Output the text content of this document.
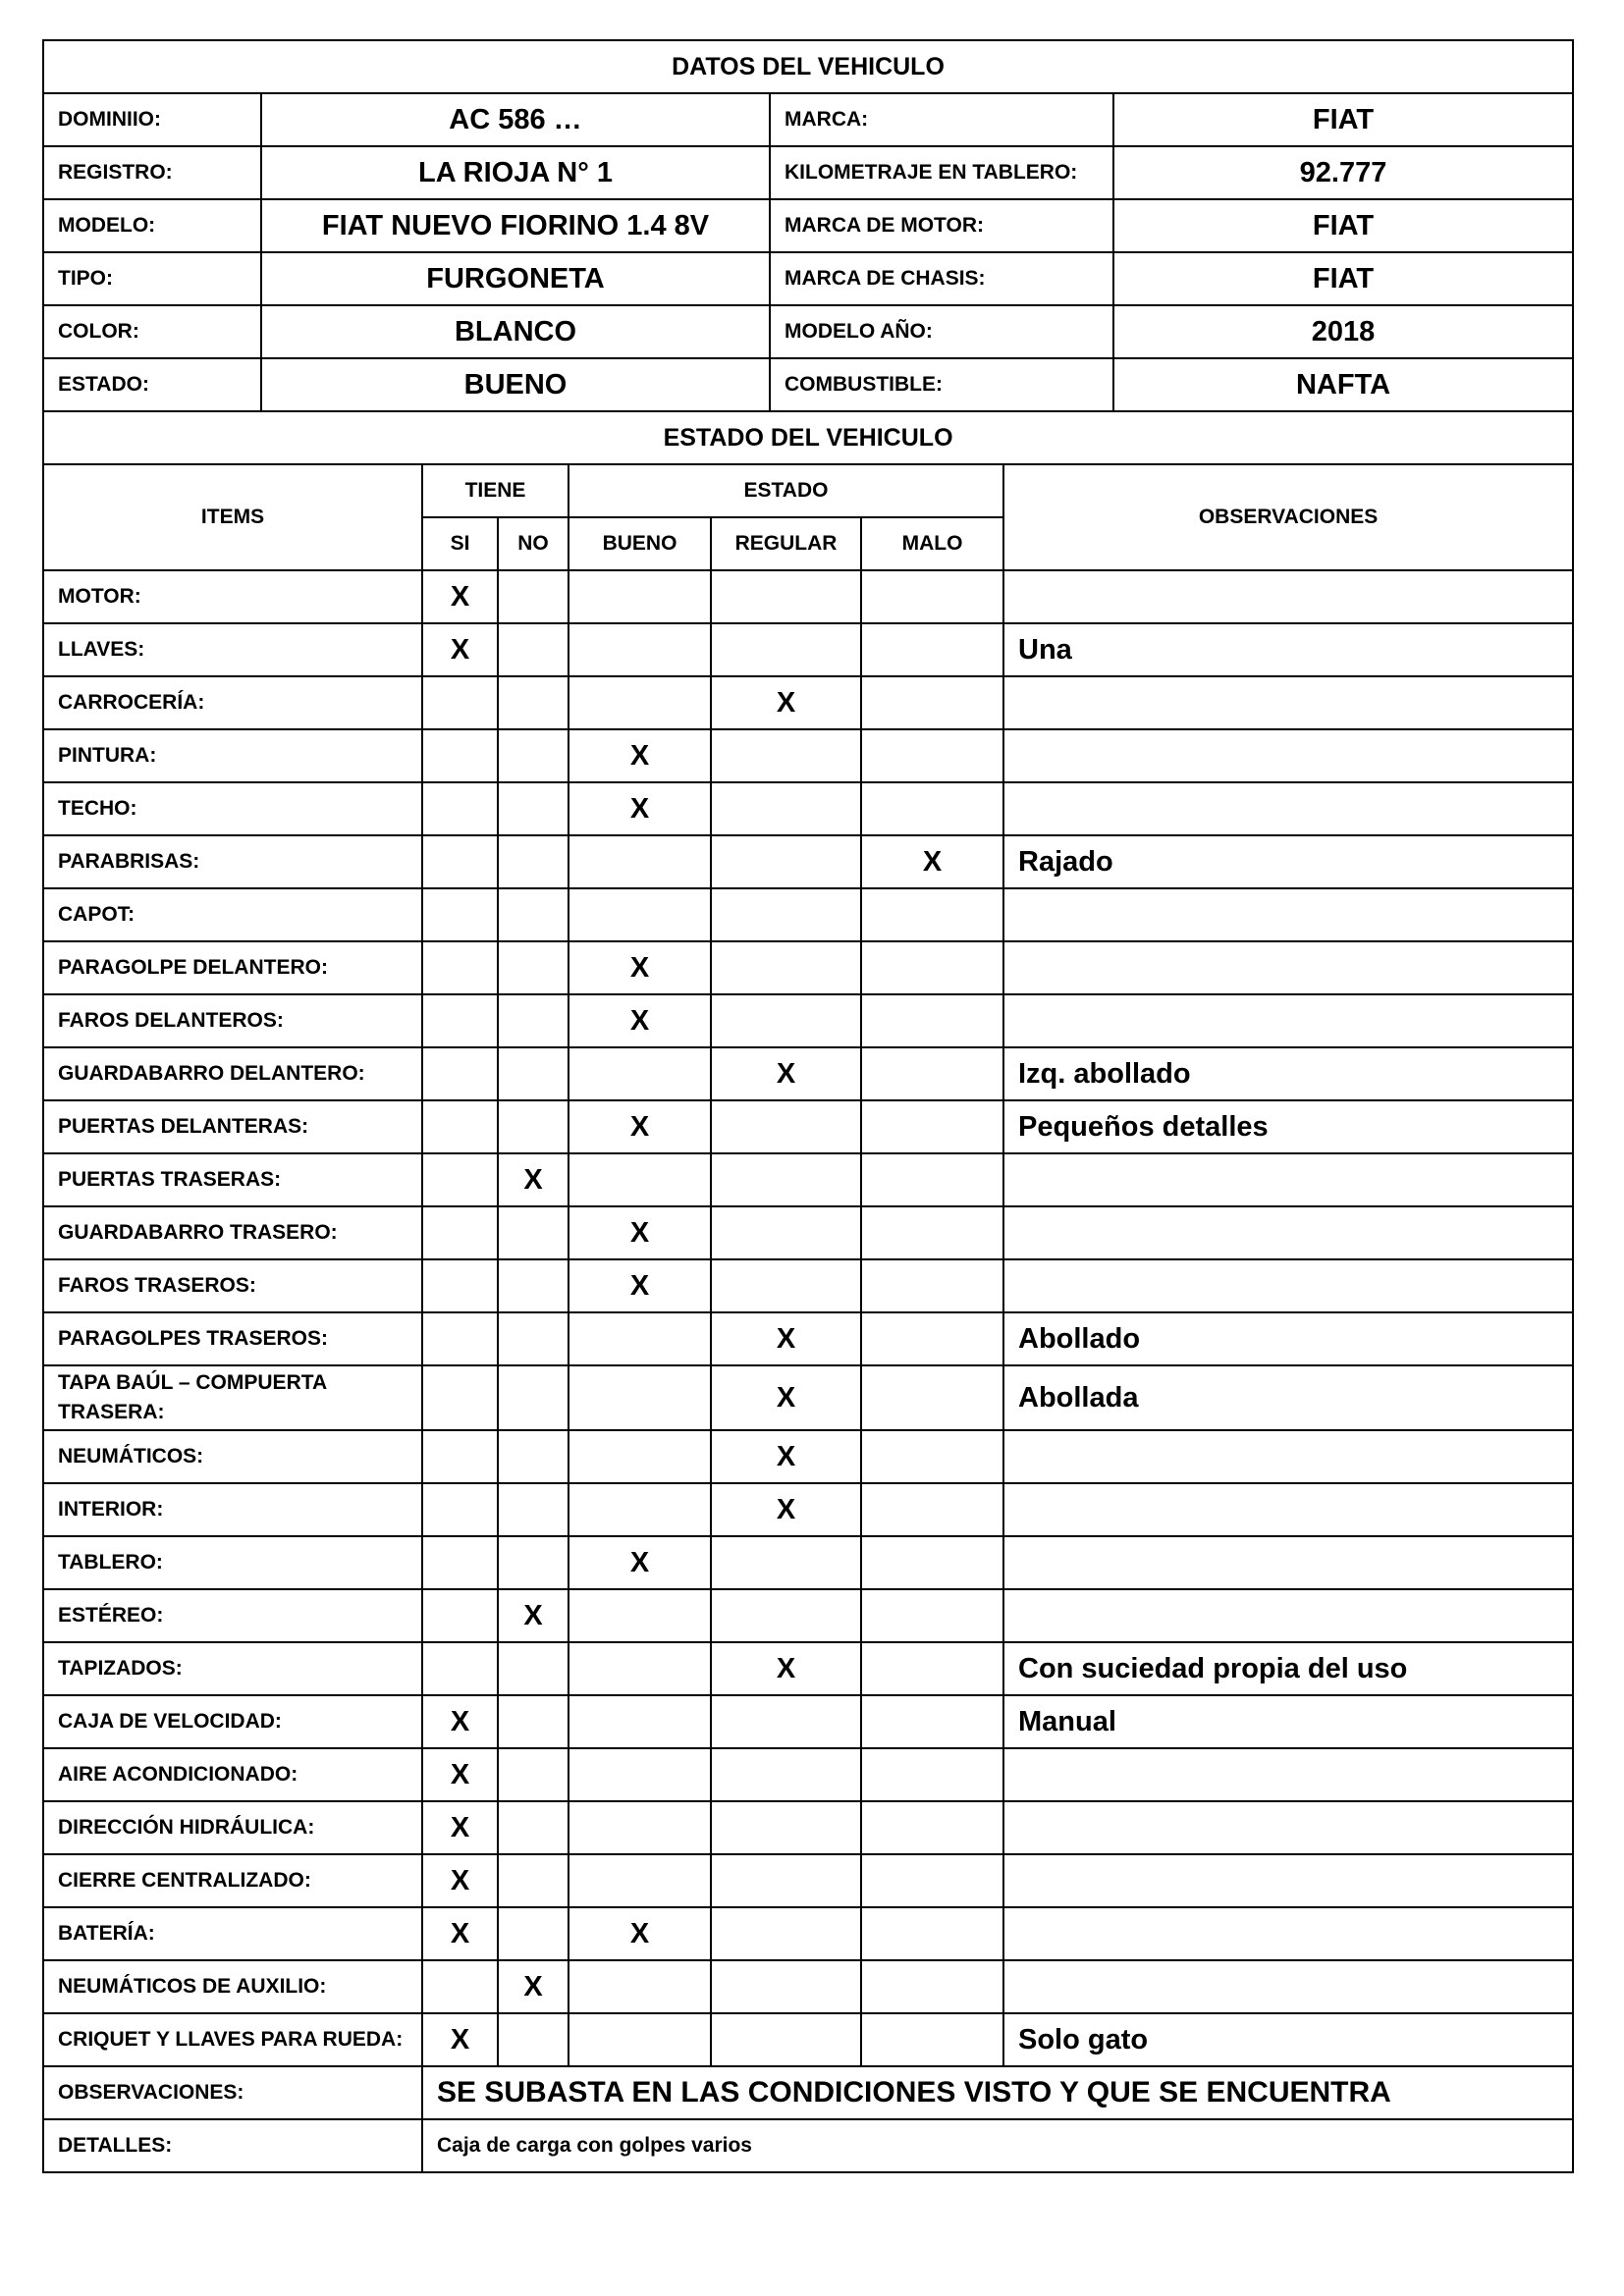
DATOS DEL VEHICULO			
DOMINIIO:	AC 586 …	MARCA:	FIAT
REGISTRO:	LA RIOJA N° 1	KILOMETRAJE EN TABLERO:	92.777
MODELO:	FIAT NUEVO FIORINO 1.4 8V	MARCA DE MOTOR:	FIAT
TIPO:	FURGONETA	MARCA DE CHASIS:	FIAT
COLOR:	BLANCO	MODELO AÑO:	2018
ESTADO:	BUENO	COMBUSTIBLE:	NAFTA
ESTADO DEL VEHICULO						
ITEMS	TIENE		ESTADO			OBSERVACIONES
	SI	NO	BUENO	REGULAR	MALO	
MOTOR:	X					
LLAVES:	X					Una
CARROCERÍA:				X		
PINTURA:			X			
TECHO:			X			
PARABRISAS:					X	Rajado
CAPOT:						
PARAGOLPE DELANTERO:			X			
FAROS DELANTEROS:			X			
GUARDABARRO DELANTERO:				X		Izq. abollado
PUERTAS DELANTERAS:			X			Pequeños detalles
PUERTAS TRASERAS:		X				
GUARDABARRO TRASERO:			X			
FAROS TRASEROS:			X			
PARAGOLPES TRASEROS:				X		Abollado
TAPA BAÚL – COMPUERTA TRASERA:				X		Abollada
NEUMÁTICOS:				X		
INTERIOR:				X		
TABLERO:			X			
ESTÉREO:		X				
TAPIZADOS:				X		Con suciedad propia del uso
CAJA DE VELOCIDAD:	X					Manual
AIRE ACONDICIONADO:	X					
DIRECCIÓN HIDRÁULICA:	X					
CIERRE CENTRALIZADO:	X					
BATERÍA:	X		X			
NEUMÁTICOS DE AUXILIO:		X				
CRIQUET Y LLAVES PARA RUEDA:	X					Solo gato
OBSERVACIONES:	SE SUBASTA EN LAS CONDICIONES VISTO Y QUE SE ENCUENTRA					
DETALLES:	Caja de carga con golpes varios					
